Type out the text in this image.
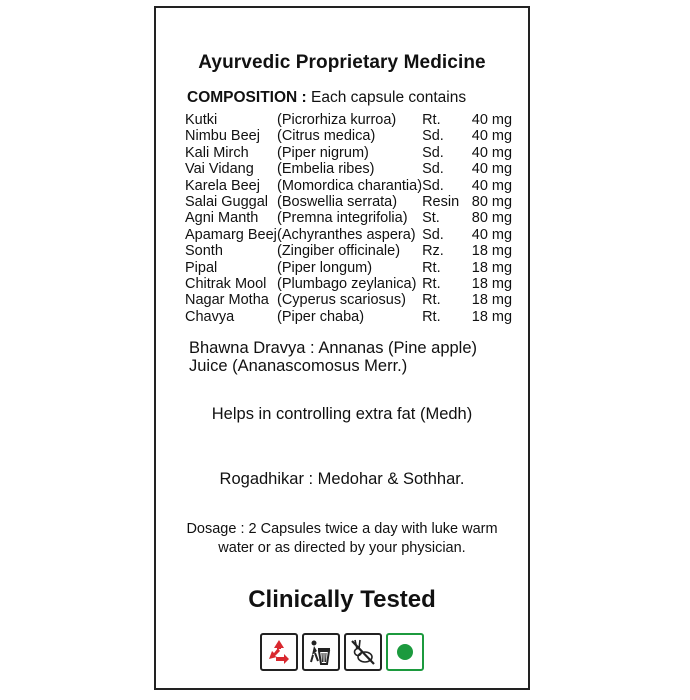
Ayurvedic Proprietary Medicine
COMPOSITION : Each capsule contains
Kutki	(Picrorhiza kurroa)	Rt.	40 mg
Nimbu Beej	(Citrus medica)	Sd.	40 mg
Kali Mirch	(Piper nigrum)	Sd.	40 mg
Vai Vidang	(Embelia ribes)	Sd.	40 mg
Karela Beej	(Momordica charantia)	Sd.	40 mg
Salai Guggal	(Boswellia serrata)	Resin	80 mg
Agni Manth	(Premna integrifolia)	St.	80 mg
Apamarg Beej	(Achyranthes aspera)	Sd.	40 mg
Sonth	(Zingiber officinale)	Rz.	18 mg
Pipal	(Piper longum)	Rt.	18 mg
Chitrak Mool	(Plumbago zeylanica)	Rt.	18 mg
Nagar Motha	(Cyperus scariosus)	Rt.	18 mg
Chavya	(Piper chaba)	Rt.	18 mg
Bhawna Dravya : Annanas (Pine apple) Juice (Ananascomosus Merr.)
Helps in controlling extra fat (Medh)
Rogadhikar : Medohar & Sothhar.
Dosage : 2 Capsules twice a day with luke warm
water or as directed by your physician.
Clinically Tested
